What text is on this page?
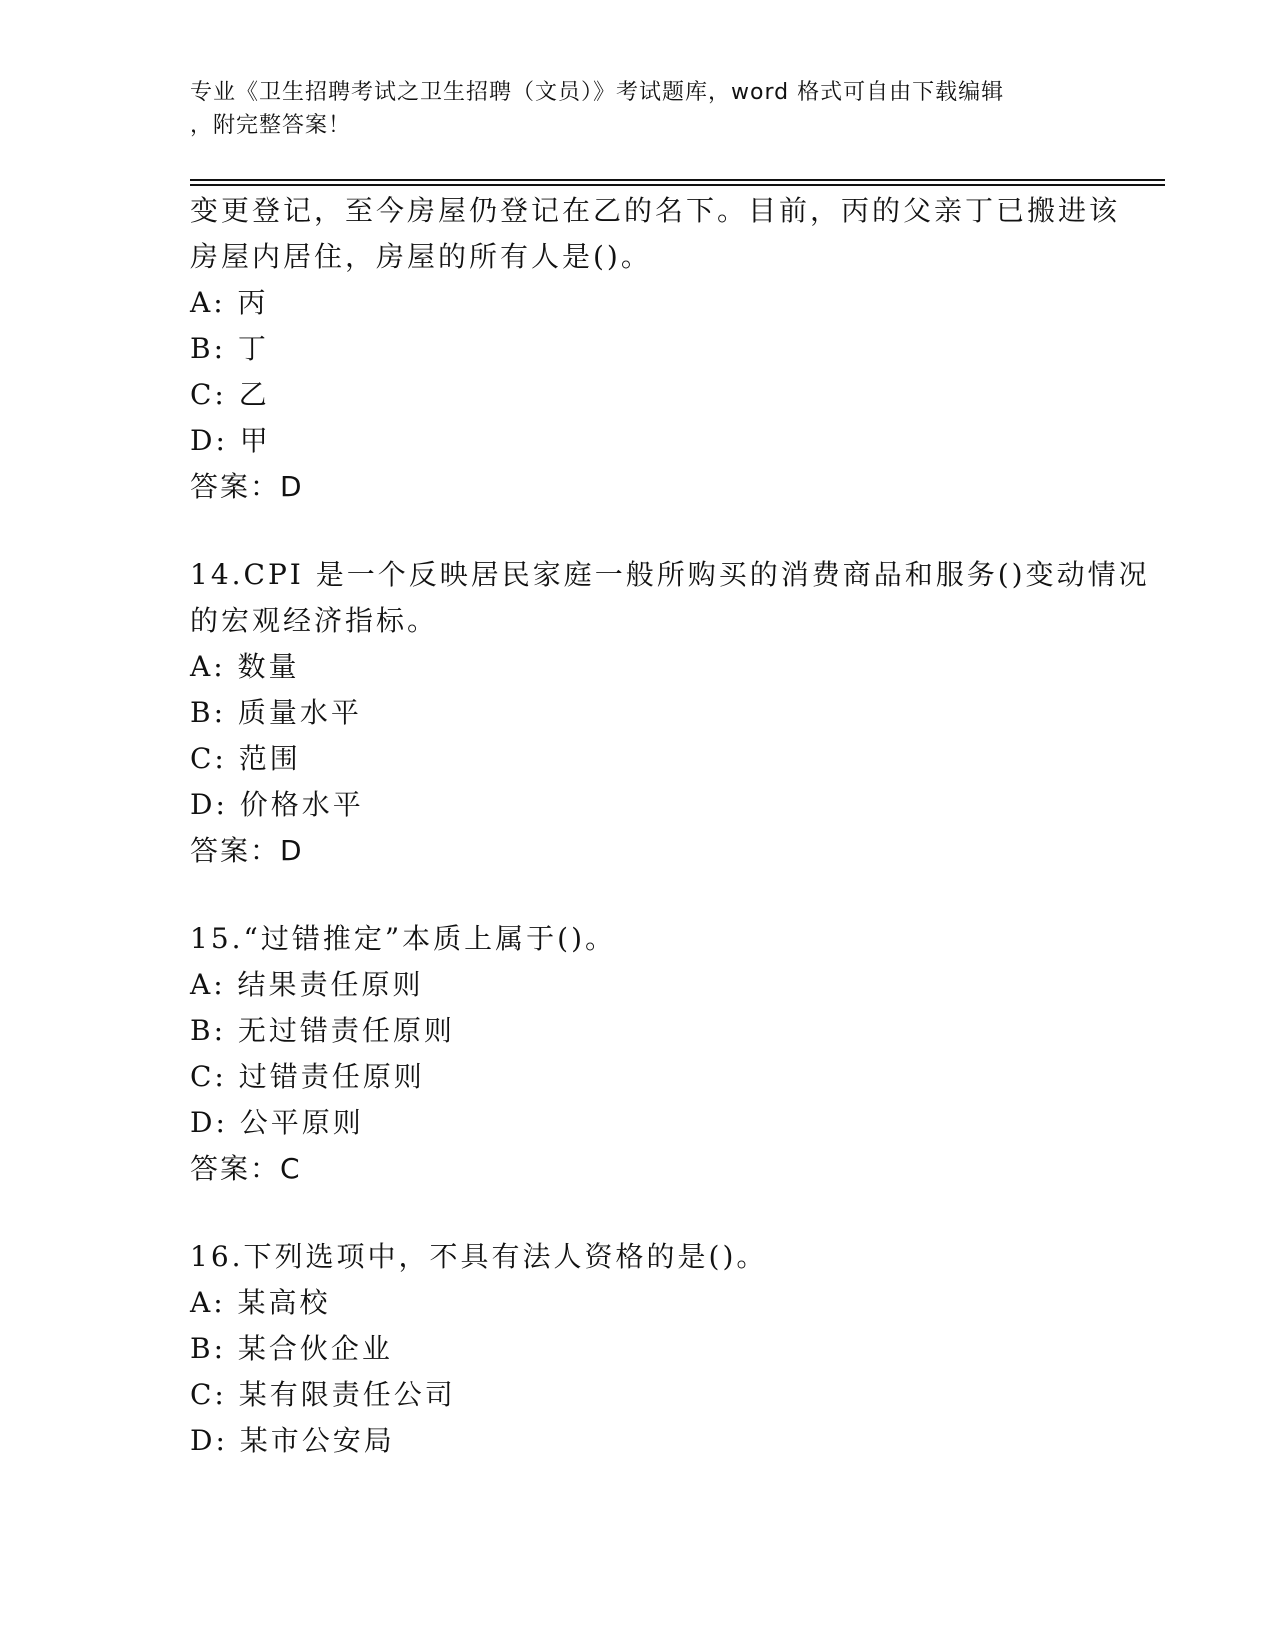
专业《卫生招聘考试之卫生招聘（文员）》考试题库，word 格式可自由下载编辑
，附完整答案！
变更登记，至今房屋仍登记在乙的名下。目前，丙的父亲丁已搬进该
房屋内居住，房屋的所有人是()。
A: 丙
B: 丁
C: 乙
D: 甲
答案：D
14.CPI 是一个反映居民家庭一般所购买的消费商品和服务()变动情况
的宏观经济指标。
A: 数量
B: 质量水平
C: 范围
D: 价格水平
答案：D
15.“过错推定”本质上属于()。
A: 结果责任原则
B: 无过错责任原则
C: 过错责任原则
D: 公平原则
答案：C
16.下列选项中，不具有法人资格的是()。
A: 某高校
B: 某合伙企业
C: 某有限责任公司
D: 某市公安局
